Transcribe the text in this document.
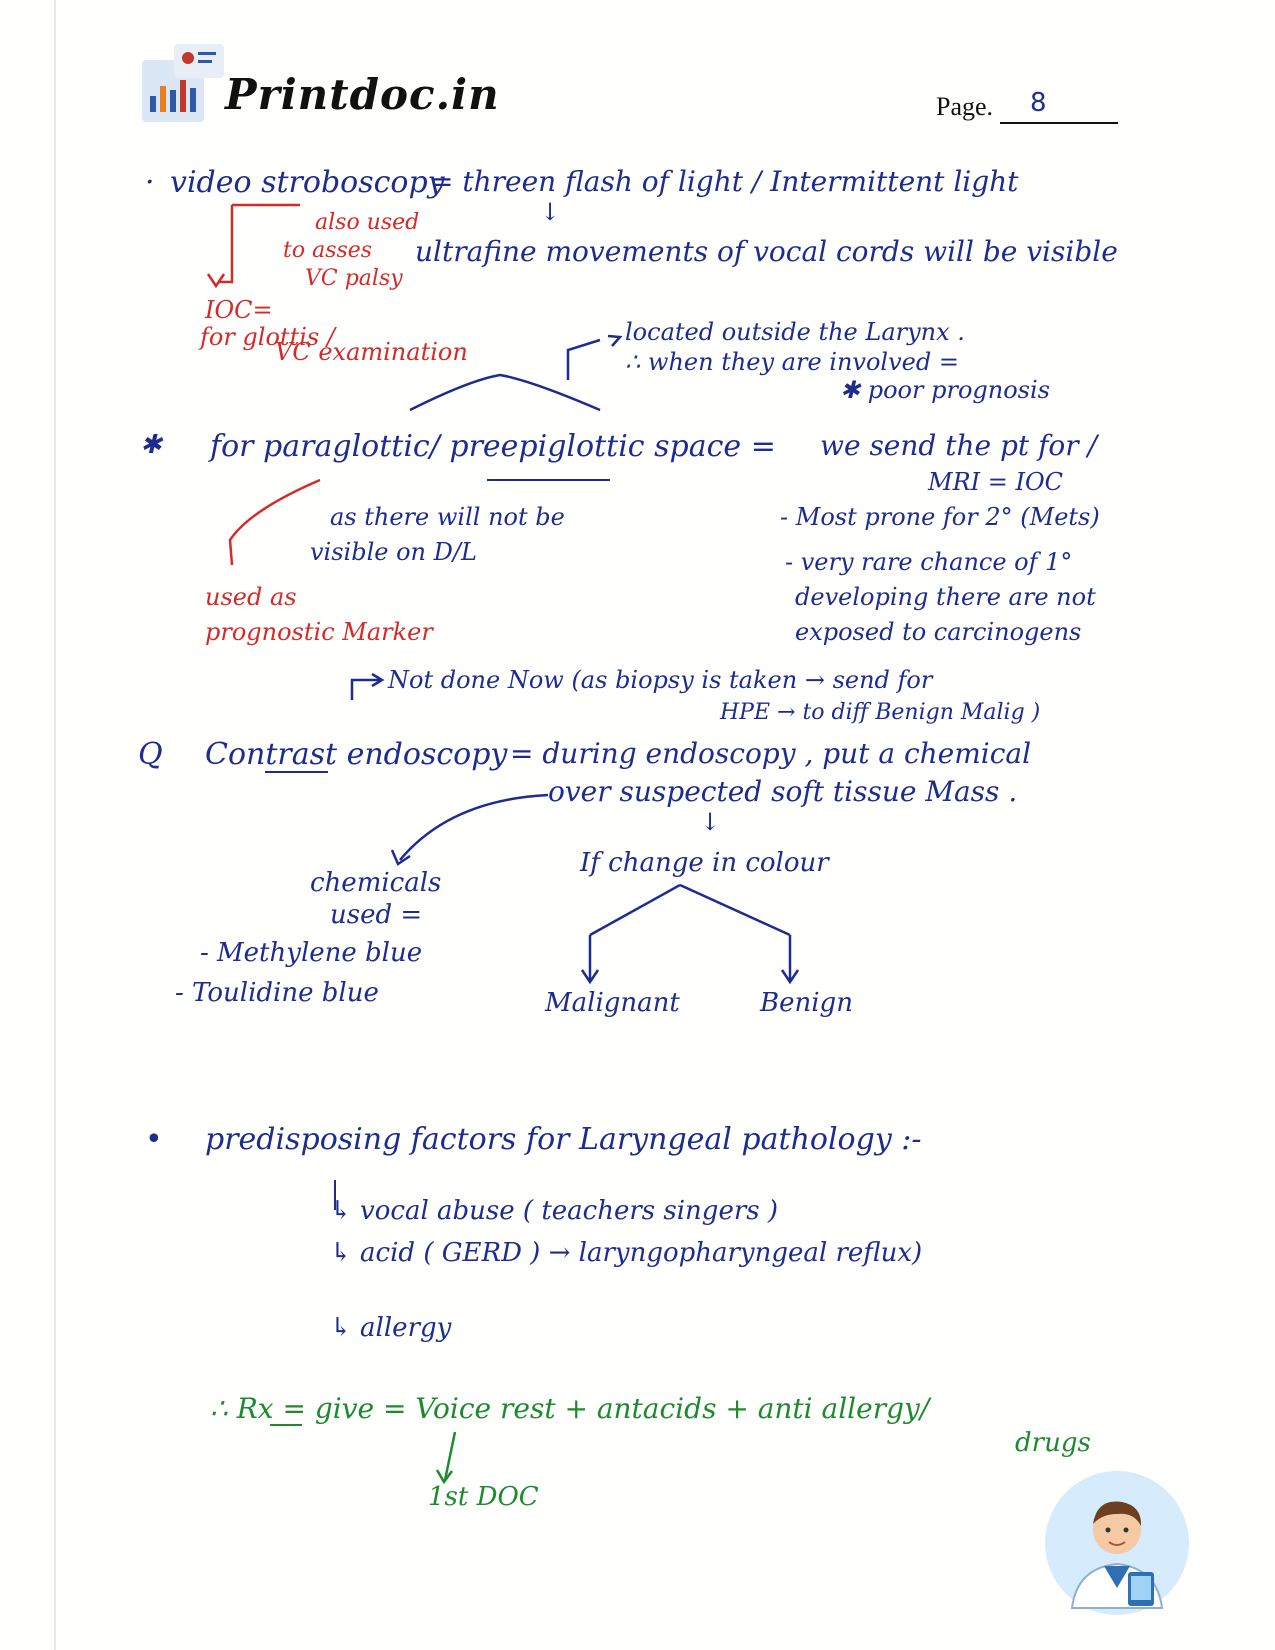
Printdoc.in	Page. 8
· video stroboscopy
= threen flash of light / Intermittent light
↓
also used
to asses
VC palsy
ultrafine movements of vocal cords will be visible
IOC=
for glottis /
VC examination
located outside the Larynx .
∴ when they are involved =
✱ poor prognosis
✱ for paraglottic/ preepiglottic space = we send the pt for /
MRI = IOC
as there will not be
visible on D/L
- Most prone for 2° (Mets)
- very rare chance of 1°
developing there are not
exposed to carcinogens
used as
prognostic Marker
Not done Now (as biopsy is taken → send for
HPE → to diff Benign Malig )
Q Contrast endoscopy = during endoscopy , put a chemical
over suspected soft tissue Mass .
↓
If change in colour
chemicals
used =
- Methylene blue
- Toulidine blue	Malignant	Benign
• predisposing factors for Laryngeal pathology :-
↳ vocal abuse ( teachers singers )
↳ acid ( GERD ) → laryngopharyngeal reflux)
↳ allergy
∴ Rx = give = Voice rest + antacids + anti allergy/
drugs
1st DOC
